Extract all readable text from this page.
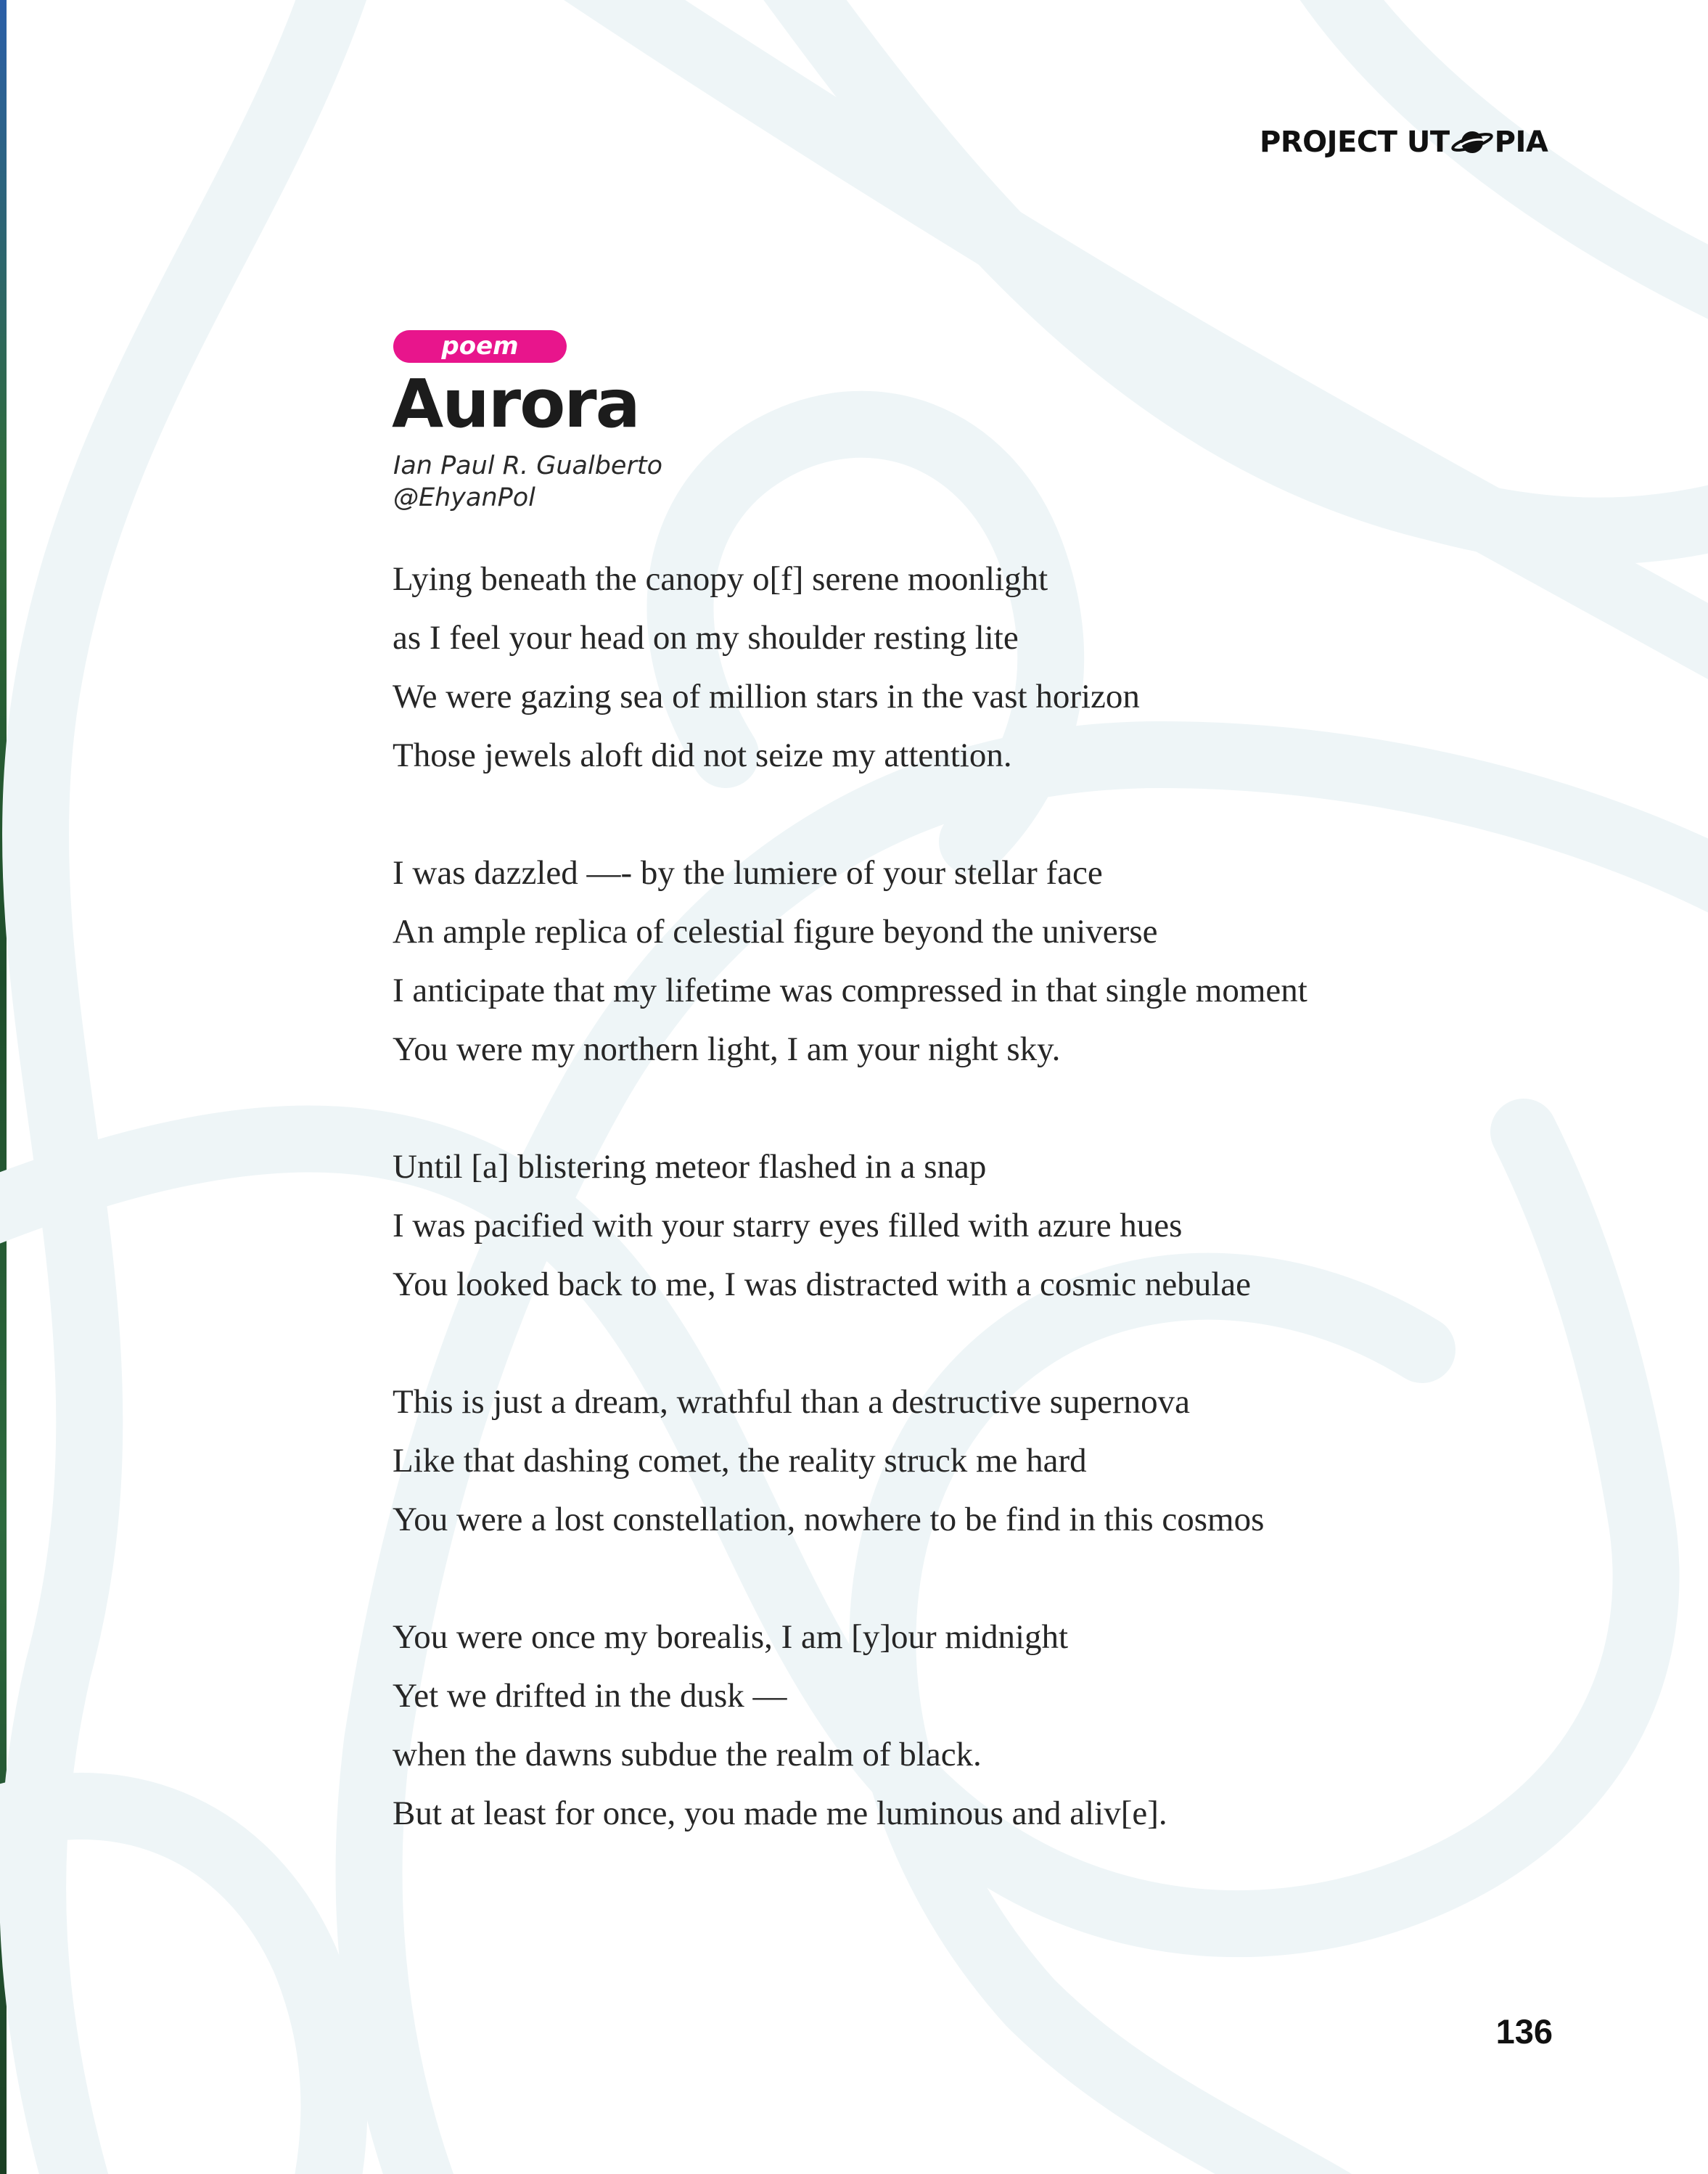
PROJECT UT PIA
poem
Aurora
Ian Paul R. Gualberto
@EhyanPol
Lying beneath the canopy o[f] serene moonlight
as I feel your head on my shoulder resting lite
We were gazing sea of million stars in the vast horizon
Those jewels aloft did not seize my attention.
I was dazzled —- by the lumiere of your stellar face
An ample replica of celestial figure beyond the universe
I anticipate that my lifetime was compressed in that single moment
You were my northern light, I am your night sky.
Until [a] blistering meteor flashed in a snap
I was pacified with your starry eyes filled with azure hues
You looked back to me, I was distracted with a cosmic nebulae
This is just a dream, wrathful than a destructive supernova
Like that dashing comet, the reality struck me hard
You were a lost constellation, nowhere to be find in this cosmos
You were once my borealis, I am [y]our midnight
Yet we drifted in the dusk —
when the dawns subdue the realm of black.
But at least for once, you made me luminous and aliv[e].
136
